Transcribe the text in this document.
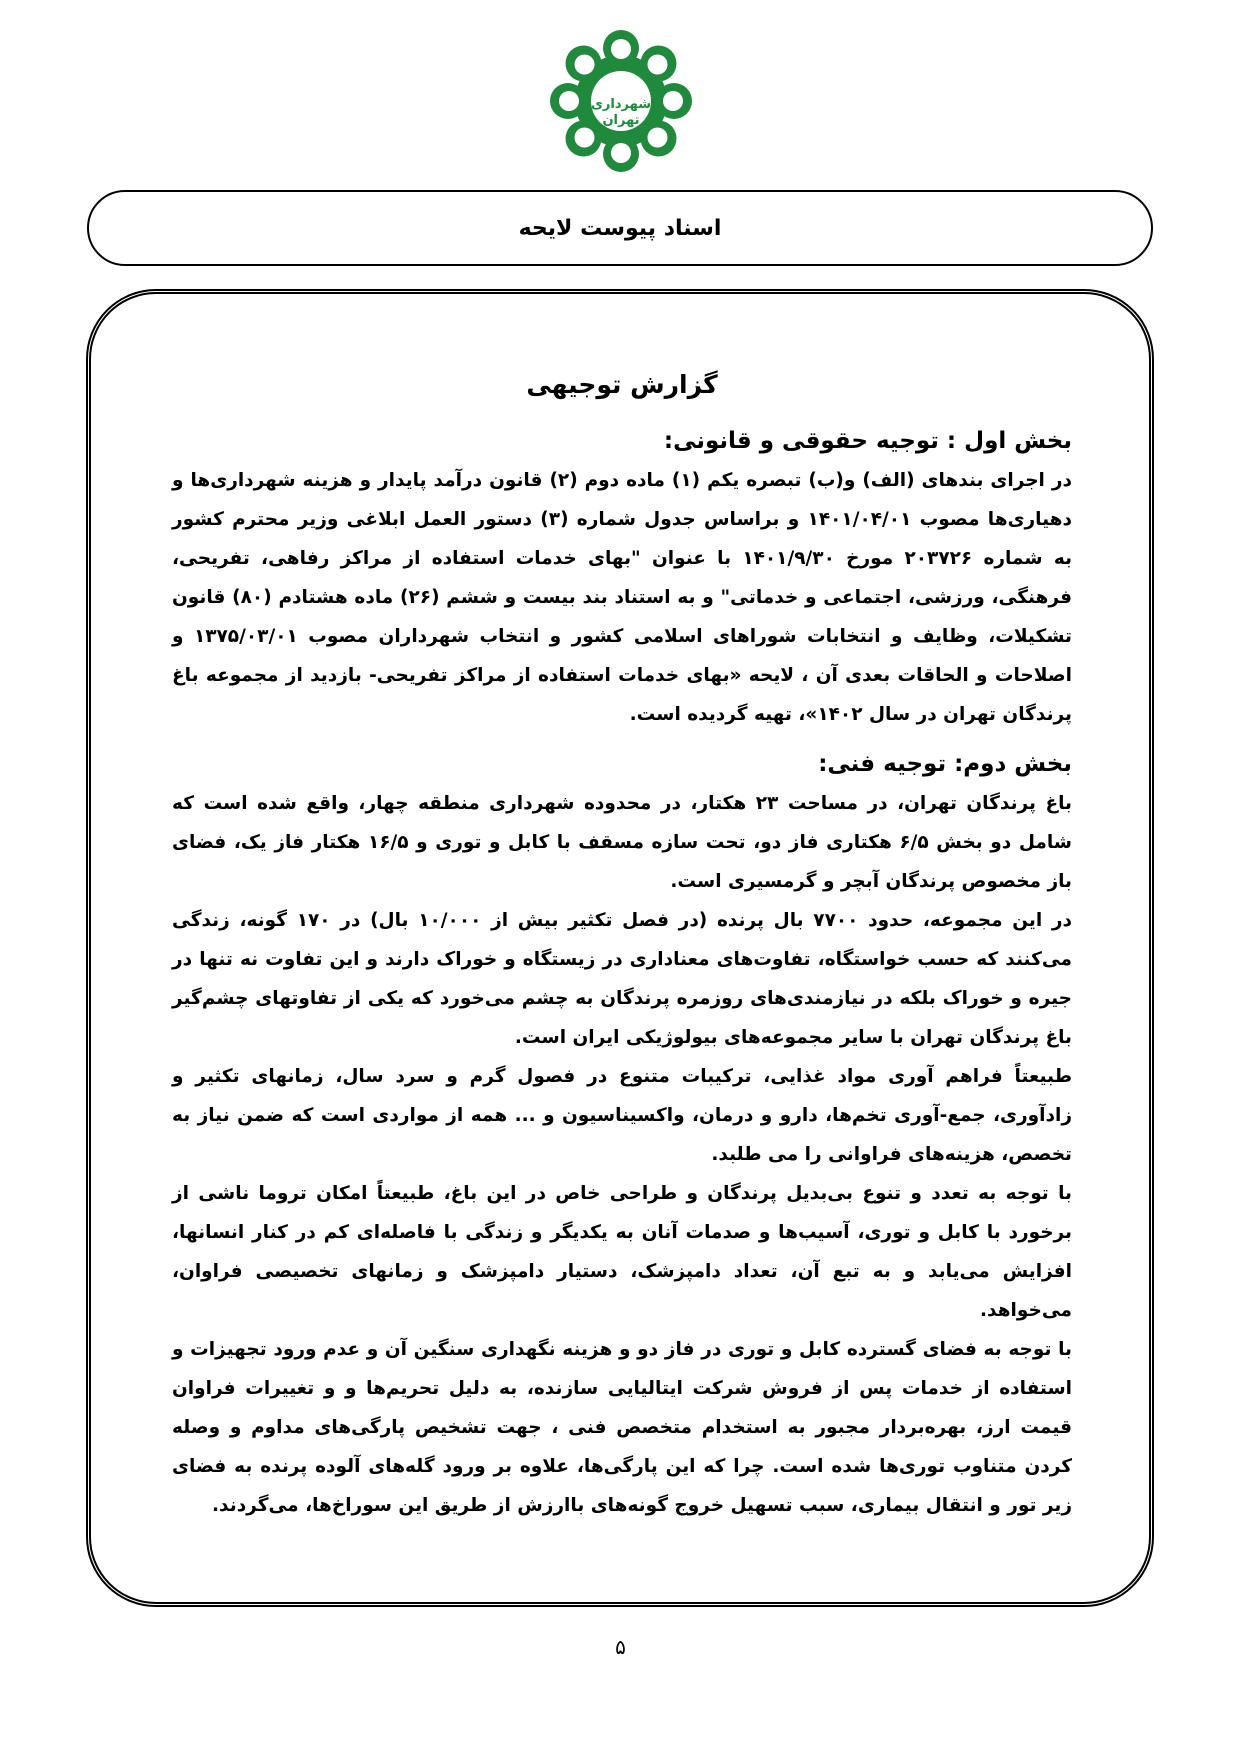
شهرداری
تهران
اسناد پیوست لایحه
گزارش توجیهی
بخش اول : توجیه حقوقی و قانونی:

در اجرای بندهای (الف) و(ب) تبصره یکم (۱) ماده دوم (۲) قانون درآمد پایدار و هزینه شهرداری‌ها و دهیاری‌ها مصوب ۱۴۰۱/۰۴/۰۱ و براساس جدول شماره (۳) دستور العمل ابلاغی وزیر محترم کشور به شماره ۲۰۳۷۲۶ مورخ ۱۴۰۱/۹/۳۰ با عنوان "بهای خدمات استفاده از مراکز رفاهی، تفریحی، فرهنگی، ورزشی، اجتماعی و خدماتی" و به استناد بند بیست و ششم (۲۶) ماده هشتادم (۸۰) قانون تشکیلات، وظایف و انتخابات شوراهای اسلامی کشور و انتخاب شهرداران مصوب ۱۳۷۵/۰۳/۰۱ و اصلاحات و الحاقات بعدی آن ، لایحه «بهای خدمات استفاده از مراکز تفریحی- بازدید از مجموعه باغ پرندگان تهران در سال ۱۴۰۲»، تهیه گردیده است.

بخش دوم: توجیه فنی:

باغ پرندگان تهران، در مساحت ۲۳ هکتار، در محدوده شهرداری منطقه چهار، واقع شده است که شامل دو بخش ۶/۵ هکتاری فاز دو، تحت سازه مسقف با کابل و توری و ۱۶/۵ هکتار فاز یک، فضای باز مخصوص پرندگان آبچر و گرمسیری است.

در این مجموعه، حدود ۷۷۰۰ بال پرنده (در فصل تکثیر بیش از ۱۰/۰۰۰ بال) در ۱۷۰ گونه، زندگی می‌کنند که حسب خواستگاه، تفاوت‌های معناداری در زیستگاه و خوراک دارند و این تفاوت نه تنها در جیره و خوراک بلکه در نیازمندی‌های روزمره پرندگان به چشم می‌خورد که یکی از تفاوتهای چشم‌گیر باغ پرندگان تهران با سایر مجموعه‌های بیولوژیکی ایران است.

طبیعتاً فراهم آوری مواد غذایی، ترکیبات متنوع در فصول گرم و سرد سال، زمانهای تکثیر و زادآوری، جمع-آوری تخم‌ها، دارو و درمان، واکسیناسیون و ... همه از مواردی است که ضمن نیاز به تخصص، هزینه‌های فراوانی را می طلبد.

با توجه به تعدد و تنوع بی‌بدیل پرندگان و طراحی خاص در این باغ، طبیعتاً امکان تروما ناشی از برخورد با کابل و توری، آسیب‌ها و صدمات آنان به یکدیگر و زندگی با فاصله‌ای کم در کنار انسانها، افزایش می‌یابد و به تبع آن، تعداد دامپزشک، دستیار دامپزشک و زمانهای تخصیصی فراوان، می‌خواهد.

با توجه به فضای گسترده کابل و توری در فاز دو و هزینه نگهداری سنگین آن و عدم ورود تجهیزات و استفاده از خدمات پس از فروش شرکت ایتالیایی سازنده، به دلیل تحریم‌ها و و تغییرات فراوان قیمت ارز، بهره‌بردار مجبور به استخدام متخصص فنی ، جهت تشخیص پارگی‌های مداوم و وصله کردن متناوب توری‌ها شده است. چرا که این پارگی‌ها، علاوه بر ورود گله‌های آلوده پرنده به فضای زیر تور و انتقال بیماری، سبب تسهیل خروج گونه‌های باارزش از طریق این سوراخ‌ها، می‌گردند.

۵
